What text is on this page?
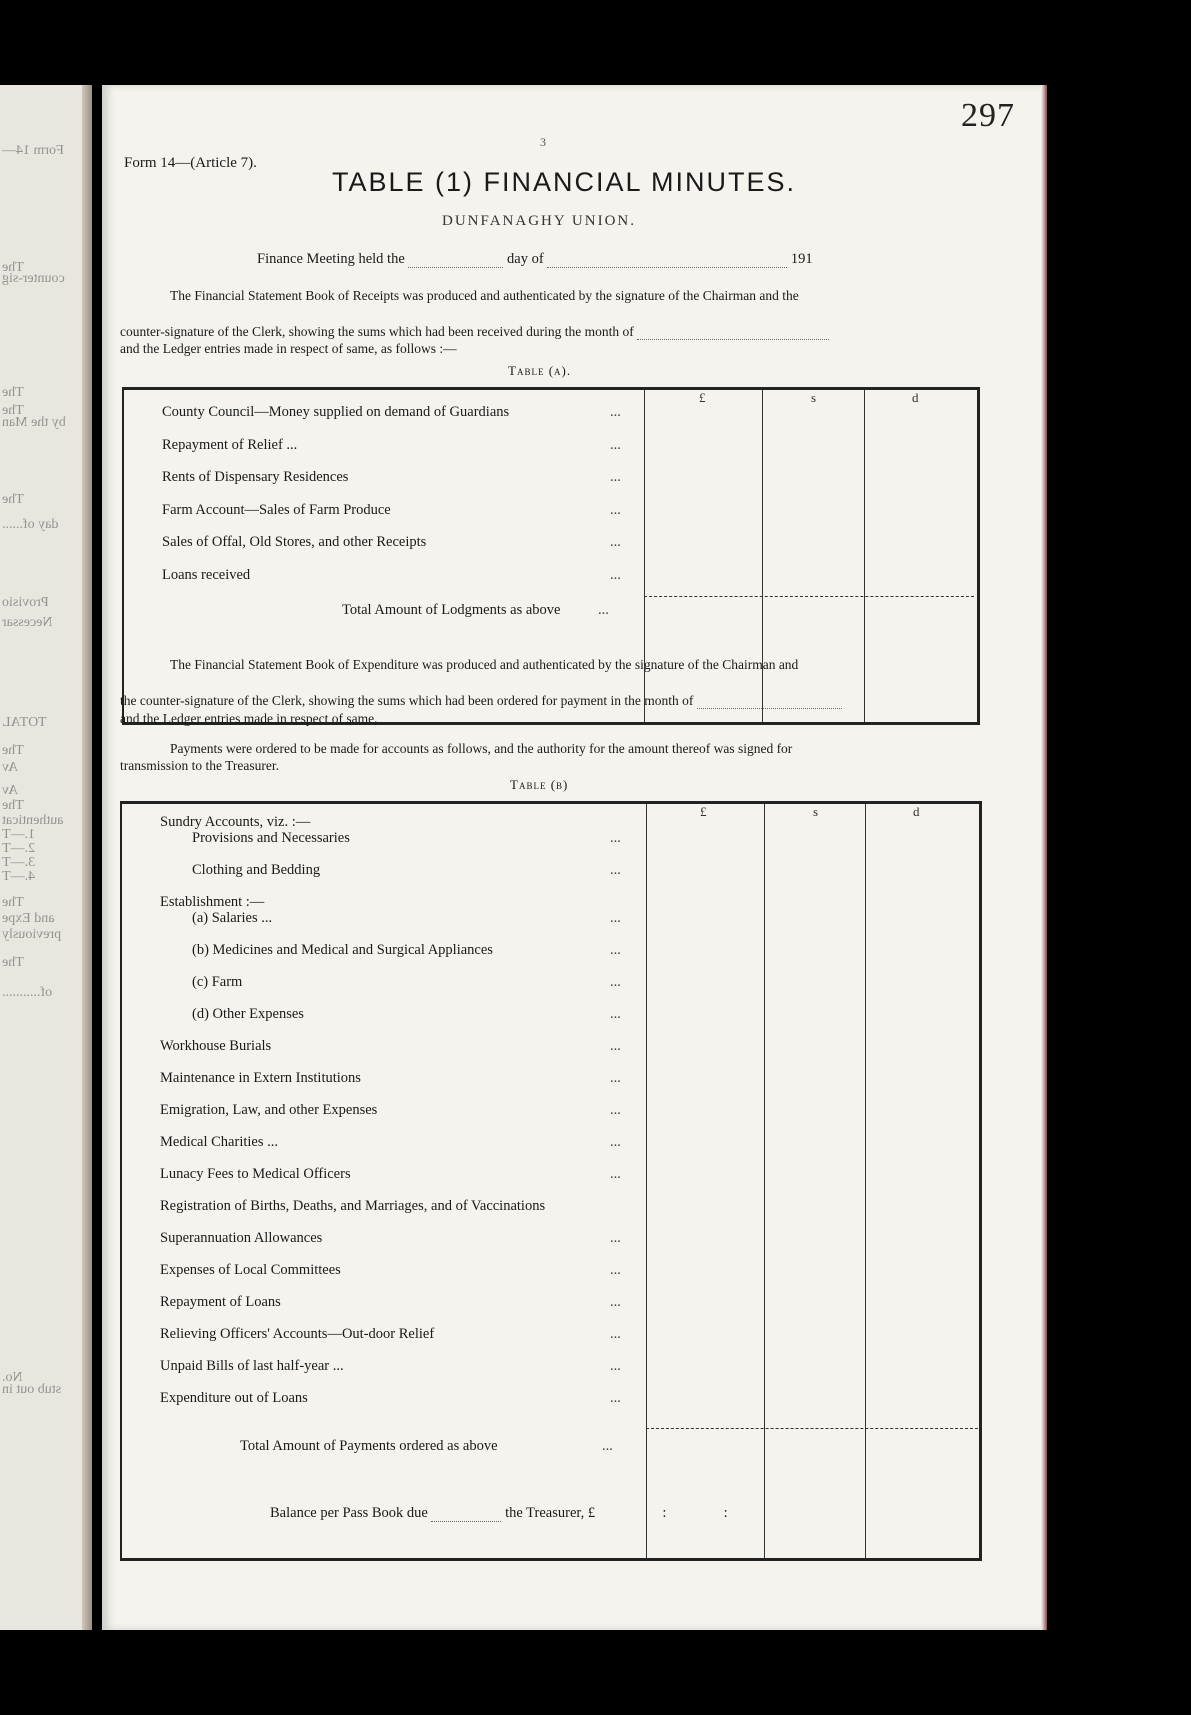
Form 14—
The
counter-sig
The
The
by the Man
The
day of......
Provisio
Necessar
TOTAL
The
Av
Av
The
authenticat
1.—T
2.—T
3.—T
4.—T
The
and Expe
previously
The
of...........
No.
stub out in
297
Form 14—(Article 7).
3
TABLE (1) FINANCIAL MINUTES.
DUNFANAGHY UNION.
Finance Meeting held the	day of	191
The Financial Statement Book of Receipts was produced and authenticated by the signature of the Chairman and the
counter-signature of the Clerk, showing the sums which had been received during the month of
and the Ledger entries made in respect of same, as follows :—
Table (a).
£	s	d
County Council—Money supplied on demand of Guardians	...
Repayment of Relief ...	...
Rents of Dispensary Residences	...
Farm Account—Sales of Farm Produce	...
Sales of Offal, Old Stores, and other Receipts	...
Loans received	...
Total Amount of Lodgments as above	...
The Financial Statement Book of Expenditure was produced and authenticated by the signature of the Chairman and
the counter-signature of the Clerk, showing the sums which had been ordered for payment in the month of
and the Ledger entries made in respect of same.
Payments were ordered to be made for accounts as follows, and the authority for the amount thereof was signed for
transmission to the Treasurer.
Table (b)
£	s	d
Sundry Accounts, viz. :—
Provisions and Necessaries	...
Clothing and Bedding	...
Establishment :—
(a) Salaries ...	...
(b) Medicines and Medical and Surgical Appliances	...
(c) Farm	...
(d) Other Expenses	...
Workhouse Burials	...
Maintenance in Extern Institutions	...
Emigration, Law, and other Expenses	...
Medical Charities ...	...
Lunacy Fees to Medical Officers	...
Registration of Births, Deaths, and Marriages, and of Vaccinations
Superannuation Allowances	...
Expenses of Local Committees	...
Repayment of Loans	...
Relieving Officers' Accounts—Out-door Relief	...
Unpaid Bills of last half-year ...	...
Expenditure out of Loans	...
Total Amount of Payments ordered as above	...
Balance per Pass Book due	the Treasurer, £	:	:
